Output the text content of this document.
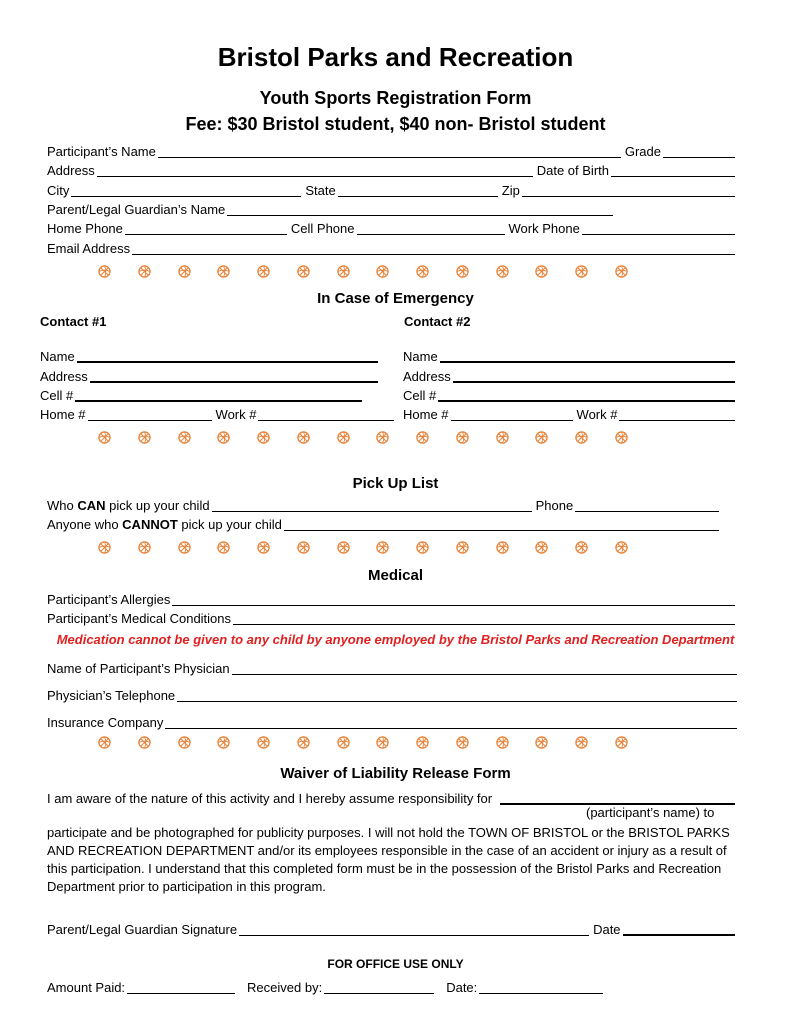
Bristol Parks and Recreation
Youth Sports Registration Form
Fee: $30 Bristol student, $40 non- Bristol student
Participant’s Name	Grade
Address	Date of Birth
City	State	Zip
Parent/Legal Guardian’s Name
Home Phone	Cell Phone	Work Phone
Email Address
In Case of Emergency
Contact #1	Contact #2
Name	Name
Address	Address
Cell #	Cell #
Home #	Work #	Home #	Work #
Pick Up List
Who CAN pick up your child	Phone
Anyone who CANNOT pick up your child
Medical
Participant’s Allergies
Participant’s Medical Conditions
Medication cannot be given to any child by anyone employed by the Bristol Parks and Recreation Department
Name of Participant’s Physician
Physician’s Telephone
Insurance Company
Waiver of Liability Release Form
I am aware of the nature of this activity and I hereby assume responsibility for
(participant’s name) to
participate and be photographed for publicity purposes. I will not hold the TOWN OF BRISTOL or the BRISTOL PARKS AND RECREATION DEPARTMENT and/or its employees responsible in the case of an accident or injury as a result of this participation. I understand that this completed form must be in the possession of the Bristol Parks and Recreation Department prior to participation in this program.
Parent/Legal Guardian Signature	Date
FOR OFFICE USE ONLY
Amount Paid:	Received by:	Date:
